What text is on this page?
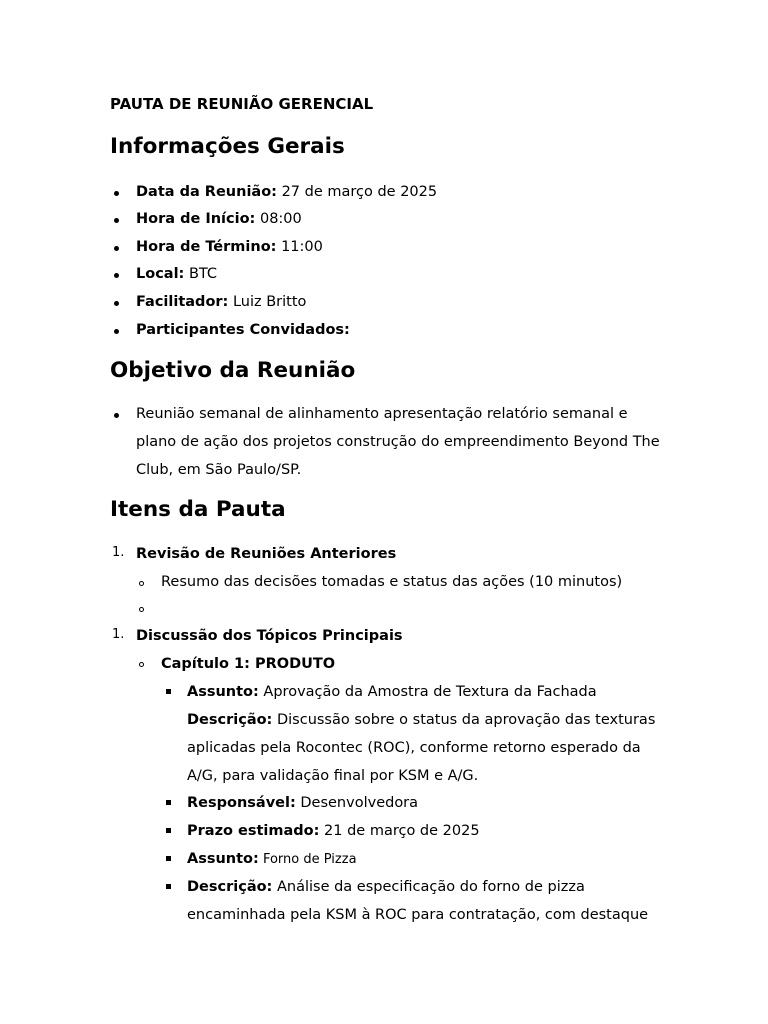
PAUTA DE REUNIÃO GERENCIAL
Informações Gerais
Data da Reunião: 27 de março de 2025
Hora de Início: 08:00
Hora de Término: 11:00
Local: BTC
Facilitador: Luiz Britto
Participantes Convidados:
Objetivo da Reunião
Reunião semanal de alinhamento apresentação relatório semanal e
plano de ação dos projetos construção do empreendimento Beyond The
Club, em São Paulo/SP.
Itens da Pauta
1. Revisão de Reuniões Anteriores
Resumo das decisões tomadas e status das ações (10 minutos)
1. Discussão dos Tópicos Principais
Capítulo 1: PRODUTO
Assunto: Aprovação da Amostra de Textura da Fachada
Descrição: Discussão sobre o status da aprovação das texturas
aplicadas pela Rocontec (ROC), conforme retorno esperado da
A/G, para validação final por KSM e A/G.
Responsável: Desenvolvedora
Prazo estimado: 21 de março de 2025
Assunto: Forno de Pizza
Descrição: Análise da especificação do forno de pizza
encaminhada pela KSM à ROC para contratação, com destaque
